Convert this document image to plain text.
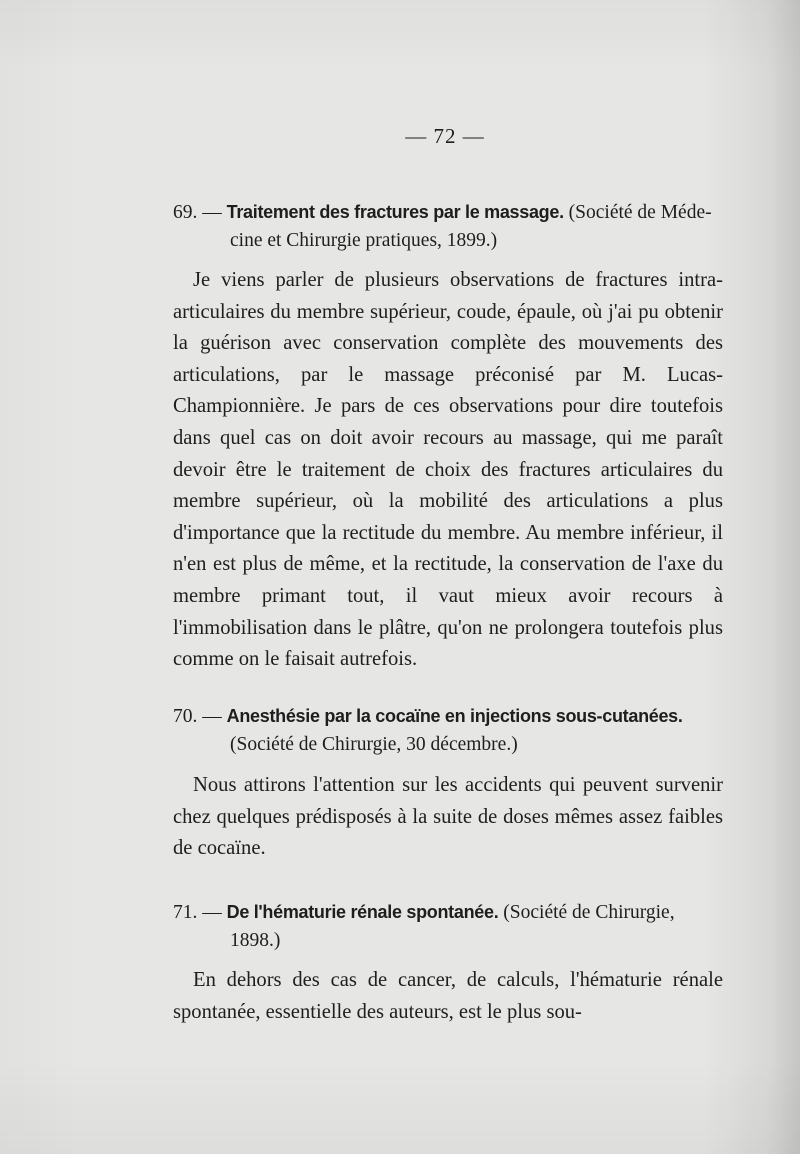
— 72 —
69. — Traitement des fractures par le massage. (Société de Méde-
cine et Chirurgie pratiques, 1899.)

Je viens parler de plusieurs observations de fractures intra-articulaires du membre supérieur, coude, épaule, où j'ai pu obtenir la guérison avec conservation complète des mouvements des articulations, par le massage préconisé par M. Lucas-Championnière. Je pars de ces observations pour dire toutefois dans quel cas on doit avoir recours au massage, qui me paraît devoir être le traitement de choix des fractures articulaires du membre supérieur, où la mobilité des articulations a plus d'importance que la rectitude du membre. Au membre inférieur, il n'en est plus de même, et la rectitude, la conservation de l'axe du membre primant tout, il vaut mieux avoir recours à l'immobilisation dans le plâtre, qu'on ne prolongera toutefois plus comme on le faisait autrefois.

70. — Anesthésie par la cocaïne en injections sous-cutanées.
(Société de Chirurgie, 30 décembre.)

Nous attirons l'attention sur les accidents qui peuvent survenir chez quelques prédisposés à la suite de doses mêmes assez faibles de cocaïne.

71. — De l'hématurie rénale spontanée. (Société de Chirurgie,
1898.)

En dehors des cas de cancer, de calculs, l'hématurie rénale spontanée, essentielle des auteurs, est le plus sou-
